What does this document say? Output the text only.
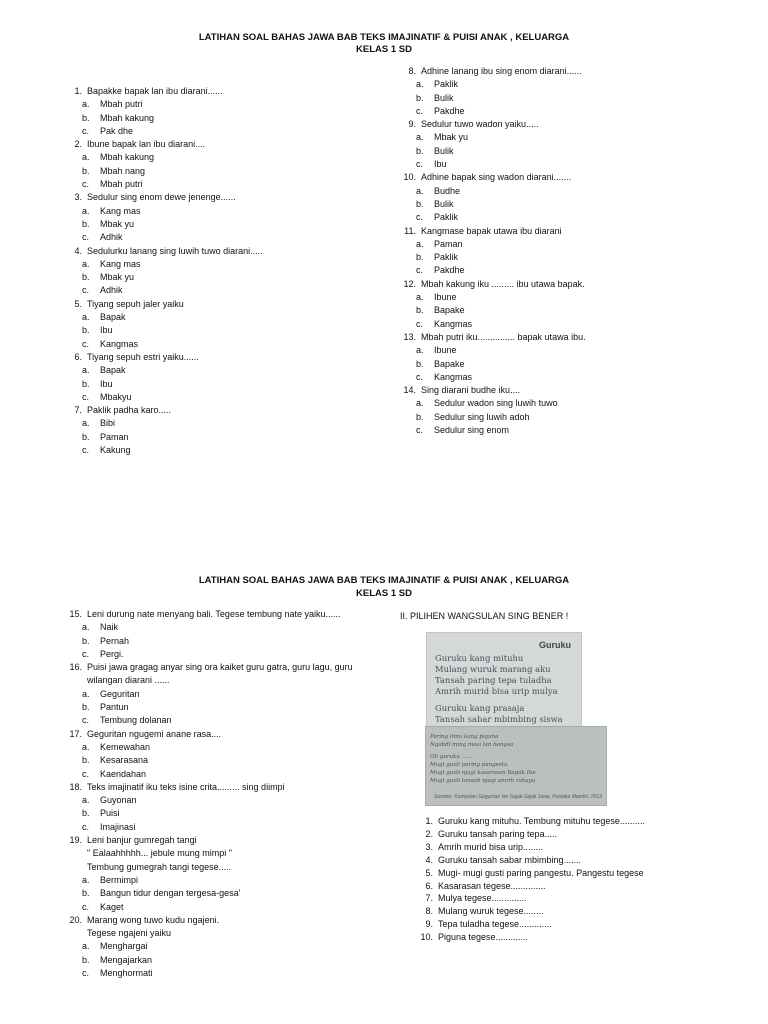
LATIHAN SOAL BAHAS JAWA BAB TEKS IMAJINATIF & PUISI ANAK , KELUARGA
KELAS 1 SD
1. Bapakke bapak lan ibu diarani......
a.	Mbah putri
b.	Mbah kakung
c.	Pak dhe
2. Ibune bapak lan ibu diarani....
a.	Mbah kakung
b.	Mbah nang
c.	Mbah putri
3. Sedulur sing enom dewe jenenge......
a.	Kang mas
b.	Mbak yu
c.	Adhik
4. Sedulurku lanang sing luwih tuwo diarani.....
a.	Kang mas
b.	Mbak yu
c.	Adhik
5. Tiyang sepuh jaler yaiku
a.	Bapak
b.	Ibu
c.	Kangmas
6. Tiyang sepuh estri yaiku......
a.	Bapak
b.	Ibu
c.	Mbakyu
7. Paklik padha karo.....
a.	Bibi
b.	Paman
c.	Kakung
8. Adhine lanang ibu sing enom diarani......
a.	Paklik
b.	Bulik
c.	Pakdhe
9. Sedulur tuwo wadon yaiku.....
a.	Mbak yu
b.	Bulik
c.	Ibu
10. Adhine bapak sing wadon diarani.......
a.	Budhe
b.	Bulik
c.	Paklik
11. Kangmase bapak utawa ibu diarani
a.	Paman
b.	Paklik
c.	Pakdhe
12. Mbah kakung iku ......... ibu utawa bapak.
a.	Ibune
b.	Bapake
c.	Kangmas
13. Mbah putri iku............... bapak utawa ibu.
a.	Ibune
b.	Bapake
c.	Kangmas
14. Sing diarani budhe iku....
a.	Sedulur wadon sing luwih tuwo
b.	Sedulur sing luwih adoh
c.	Sedulur sing enom
LATIHAN SOAL BAHAS JAWA BAB TEKS IMAJINATIF & PUISI ANAK , KELUARGA
KELAS 1 SD
15. Leni durung nate menyang bali. Tegese tembung nate yaiku......
a.	Naik
b.	Pernah
c.	Pergi.
16. Puisi jawa gragag anyar sing ora kaiket guru gatra, guru lagu, guru
wilangan diarani ......
a.	Geguritan
b.	Pantun
c.	Tembung dolanan
17. Geguritan ngugemi anane rasa....
a.	Kemewahan
b.	Kesarasana
c.	Kaendahan
18. Teks imajinatif iku teks isine crita......... sing diimpi
a.	Guyonan
b.	Puisi
c.	Imajinasi
19. Leni banjur gumregah tangi
" Ealaahhhhh... jebule mung mimpi "
Tembung gumegrah tangi tegese.....
a.	Bermimpi
b.	Bangun tidur dengan tergesa-gesa'
c.	Kaget
20. Marang wong tuwo kudu ngajeni.
Tegese ngajeni yaiku
a.	Menghargai
b.	Mengajarkan
c.	Menghormati
II. PILIHEN WANGSULAN SING BENER !
Guruku
Guruku kang mituhu
Mulang wuruk marang aku
Tansah paring tepa tuladha
Amrih murid bisa urip mulya
Guruku kang prasaja
Tansah sabar mbimbing siswa
Paring ilmu kang piguna
Ngabdi ming nusa lan bangsa
Oh guruku ......
Mugi gusti paring pangestu
Mugi gusti njagi kasarasan Bapak Ibu
Mugi gusti tansah njagi amrih rahayu
Sumber: Kumpulan Geguritan lan Sajak-Sajak Jawa, Pustaka Mandiri, 2012
1. Guruku kang mituhu. Tembung mituhu tegese..........
2. Guruku tansah paring tepa.....
3. Amrih murid bisa urip........
4. Guruku tansah sabar mbimbing.......
5. Mugi- mugi gusti paring pangestu. Pangestu tegese
6. Kasarasan tegese..............
7. Mulya tegese..............
8. Mulang wuruk tegese........
9. Tepa tuladha tegese.............
10. Piguna tegese.............
